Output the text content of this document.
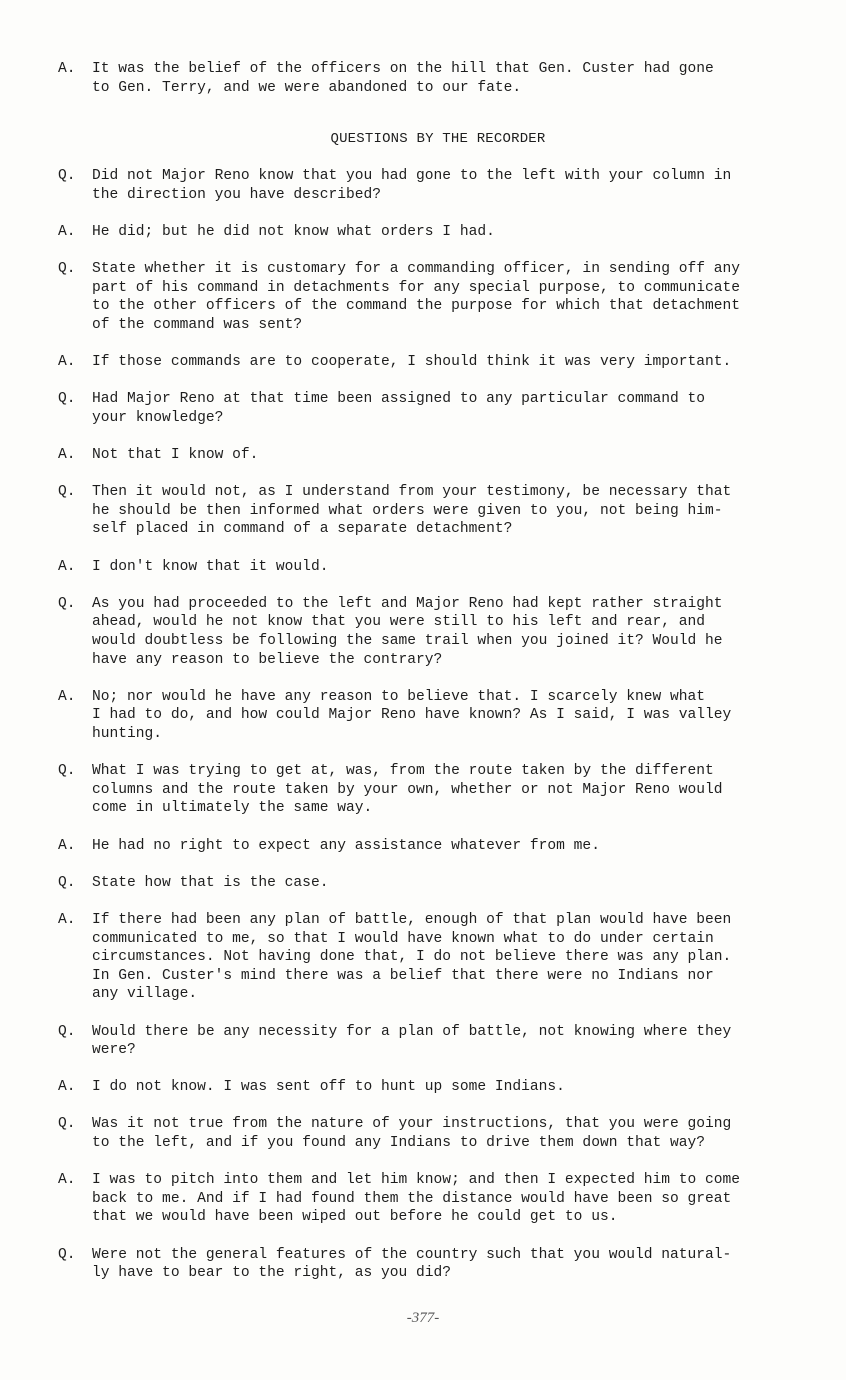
A.	It was the belief of the officers on the hill that Gen. Custer had gone
to Gen. Terry, and we were abandoned to our fate.
QUESTIONS BY THE RECORDER
Q.	Did not Major Reno know that you had gone to the left with your column in
the direction you have described?
A.	He did; but he did not know what orders I had.
Q.	State whether it is customary for a commanding officer, in sending off any
part of his command in detachments for any special purpose, to communicate
to the other officers of the command the purpose for which that detachment
of the command was sent?
A.	If those commands are to cooperate, I should think it was very important.
Q.	Had Major Reno at that time been assigned to any particular command to
your knowledge?
A.	Not that I know of.
Q.	Then it would not, as I understand from your testimony, be necessary that
he should be then informed what orders were given to you, not being him-
self placed in command of a separate detachment?
A.	I don't know that it would.
Q.	As you had proceeded to the left and Major Reno had kept rather straight
ahead, would he not know that you were still to his left and rear, and
would doubtless be following the same trail when you joined it? Would he
have any reason to believe the contrary?
A.	No; nor would he have any reason to believe that. I scarcely knew what
I had to do, and how could Major Reno have known? As I said, I was valley
hunting.
Q.	What I was trying to get at, was, from the route taken by the different
columns and the route taken by your own, whether or not Major Reno would
come in ultimately the same way.
A.	He had no right to expect any assistance whatever from me.
Q.	State how that is the case.
A.	If there had been any plan of battle, enough of that plan would have been
communicated to me, so that I would have known what to do under certain
circumstances. Not having done that, I do not believe there was any plan.
In Gen. Custer's mind there was a belief that there were no Indians nor
any village.
Q.	Would there be any necessity for a plan of battle, not knowing where they
were?
A.	I do not know. I was sent off to hunt up some Indians.
Q.	Was it not true from the nature of your instructions, that you were going
to the left, and if you found any Indians to drive them down that way?
A.	I was to pitch into them and let him know; and then I expected him to come
back to me. And if I had found them the distance would have been so great
that we would have been wiped out before he could get to us.
Q.	Were not the general features of the country such that you would natural-
ly have to bear to the right, as you did?
-377-
